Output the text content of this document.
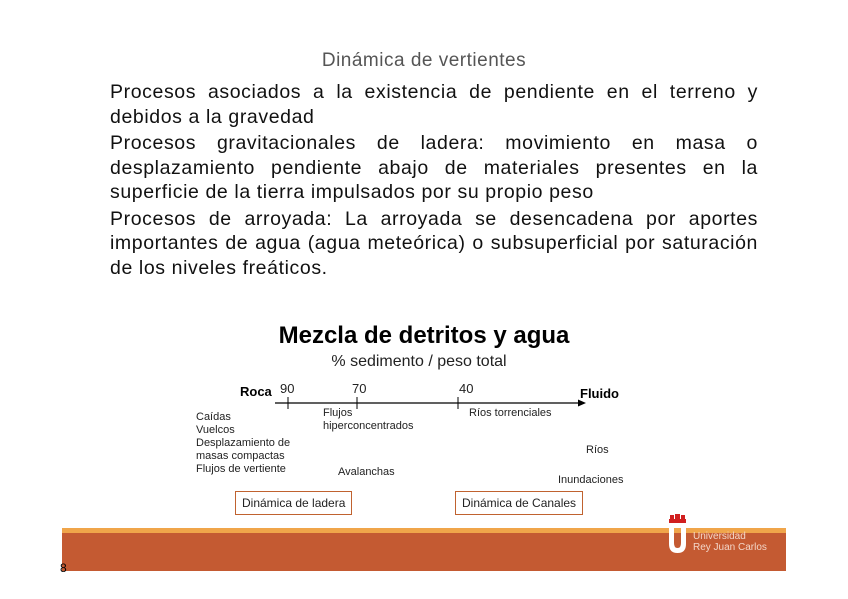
Dinámica de vertientes

Procesos asociados a la existencia de pendiente en el terreno y debidos a la gravedad

Procesos gravitacionales de ladera: movimiento en masa o desplazamiento pendiente abajo de materiales presentes en la superficie de la tierra impulsados por su propio peso

Procesos de arroyada: La arroyada se desencadena por aportes importantes de agua (agua meteórica) o subsuperficial por saturación de los niveles freáticos.

Mezcla de detritos y agua
% sedimento / peso total
Roca	Fluido
90	70	40
Caídas
Vuelcos
Desplazamiento de
masas compactas
Flujos de vertiente
Flujos
hiperconcentrados
Avalanchas
Ríos torrenciales
Ríos
Inundaciones
Dinámica de ladera	Dinámica de Canales
Universidad
Rey Juan Carlos
8
